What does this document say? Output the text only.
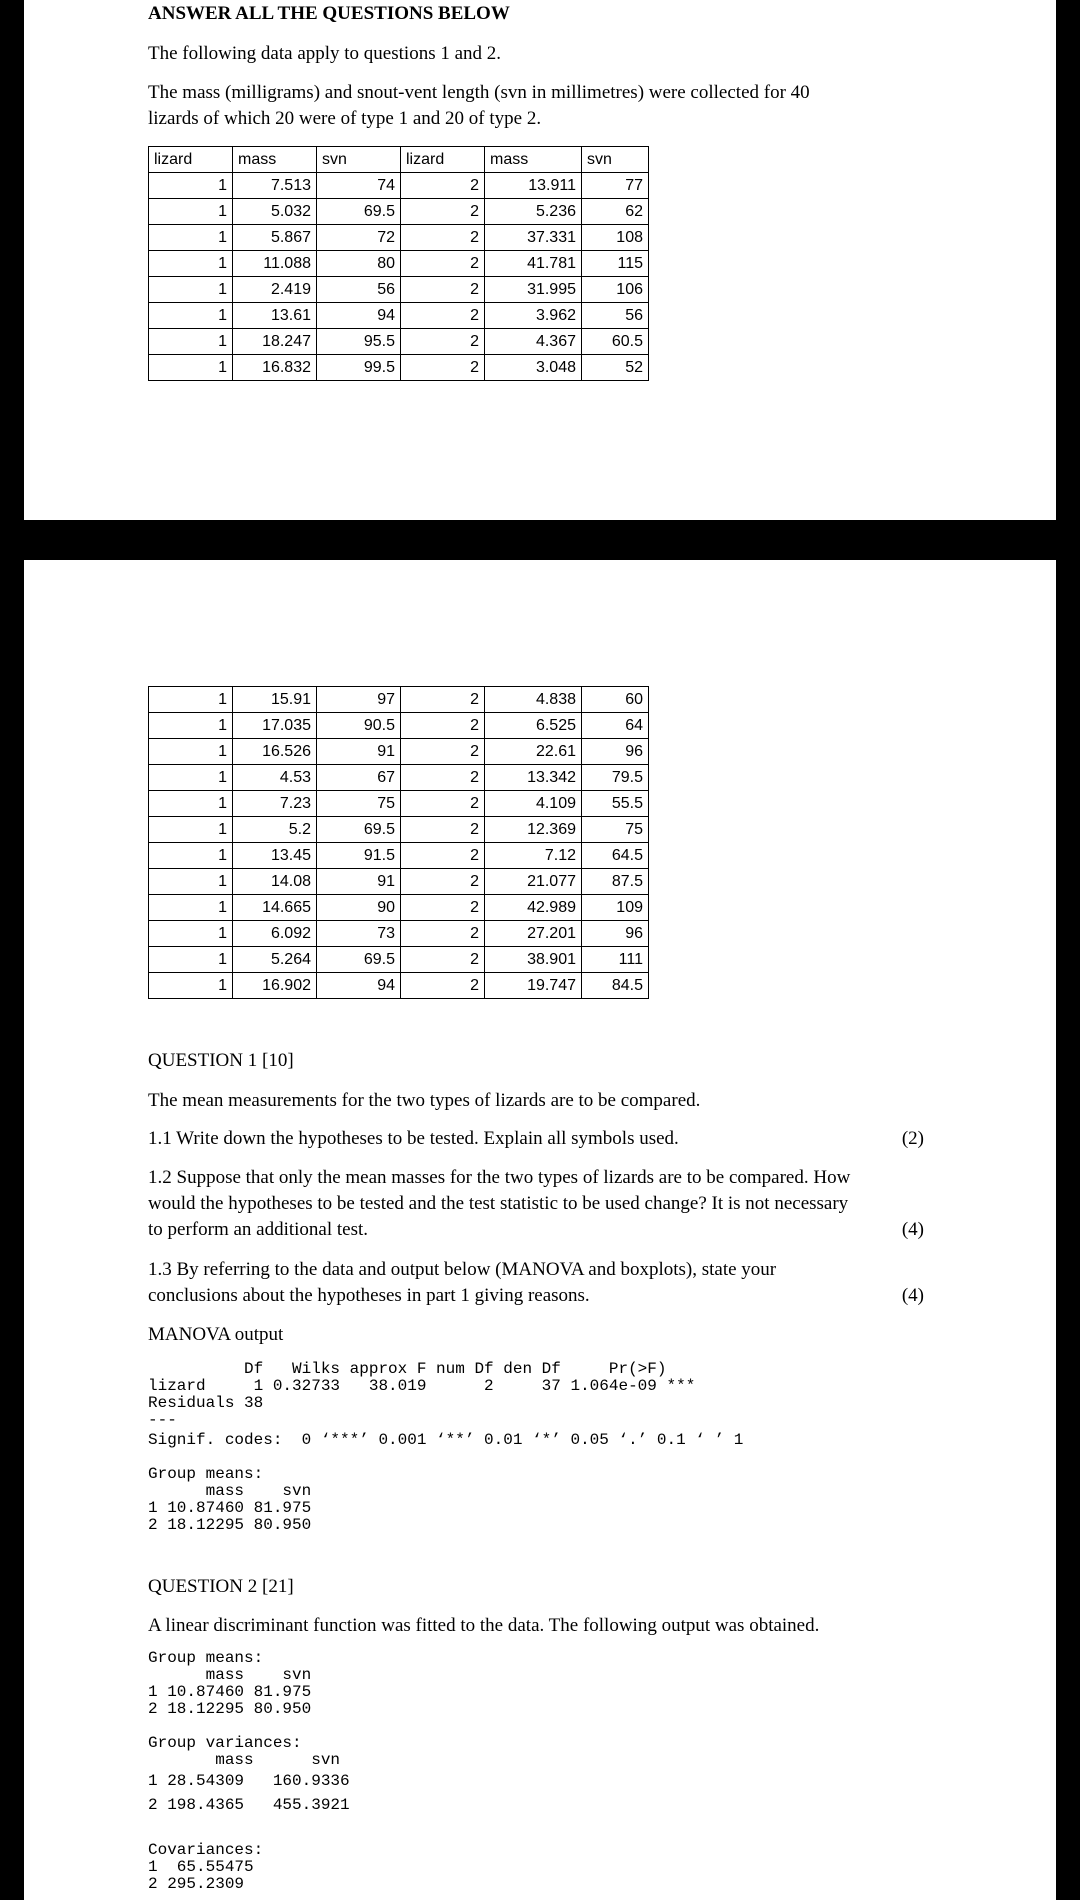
ANSWER ALL THE QUESTIONS BELOW
The following data apply to questions 1 and 2.
The mass (milligrams) and snout-vent length (svn in millimetres) were collected for 40
lizards of which 20 were of type 1 and 20 of type 2.
lizard	mass	svn	lizard	mass	svn
1	7.513	74	2	13.911	77
1	5.032	69.5	2	5.236	62
1	5.867	72	2	37.331	108
1	11.088	80	2	41.781	115
1	2.419	56	2	31.995	106
1	13.61	94	2	3.962	56
1	18.247	95.5	2	4.367	60.5
1	16.832	99.5	2	3.048	52
1	15.91	97	2	4.838	60
1	17.035	90.5	2	6.525	64
1	16.526	91	2	22.61	96
1	4.53	67	2	13.342	79.5
1	7.23	75	2	4.109	55.5
1	5.2	69.5	2	12.369	75
1	13.45	91.5	2	7.12	64.5
1	14.08	91	2	21.077	87.5
1	14.665	90	2	42.989	109
1	6.092	73	2	27.201	96
1	5.264	69.5	2	38.901	111
1	16.902	94	2	19.747	84.5
QUESTION 1 [10]
The mean measurements for the two types of lizards are to be compared.
1.1 Write down the hypotheses to be tested. Explain all symbols used.	(2)
1.2 Suppose that only the mean masses for the two types of lizards are to be compared. How
would the hypotheses to be tested and the test statistic to be used change? It is not necessary
to perform an additional test.	(4)
1.3 By referring to the data and output below (MANOVA and boxplots), state your
conclusions about the hypotheses in part 1 giving reasons.	(4)
MANOVA output
Df   Wilks approx F num Df den Df     Pr(>F)
lizard     1 0.32733   38.019      2     37 1.064e-09 ***
Residuals 38
---
Signif. codes:  0 ‘***’ 0.001 ‘**’ 0.01 ‘*’ 0.05 ‘.’ 0.1 ‘ ’ 1
Group means:
mass    svn
1 10.87460 81.975
2 18.12295 80.950
QUESTION 2 [21]
A linear discriminant function was fitted to the data. The following output was obtained.
Group means:
mass    svn
1 10.87460 81.975
2 18.12295 80.950
Group variances:
mass      svn
1 28.54309   160.9336
2 198.4365   455.3921
Covariances:
1  65.55475
2 295.2309
